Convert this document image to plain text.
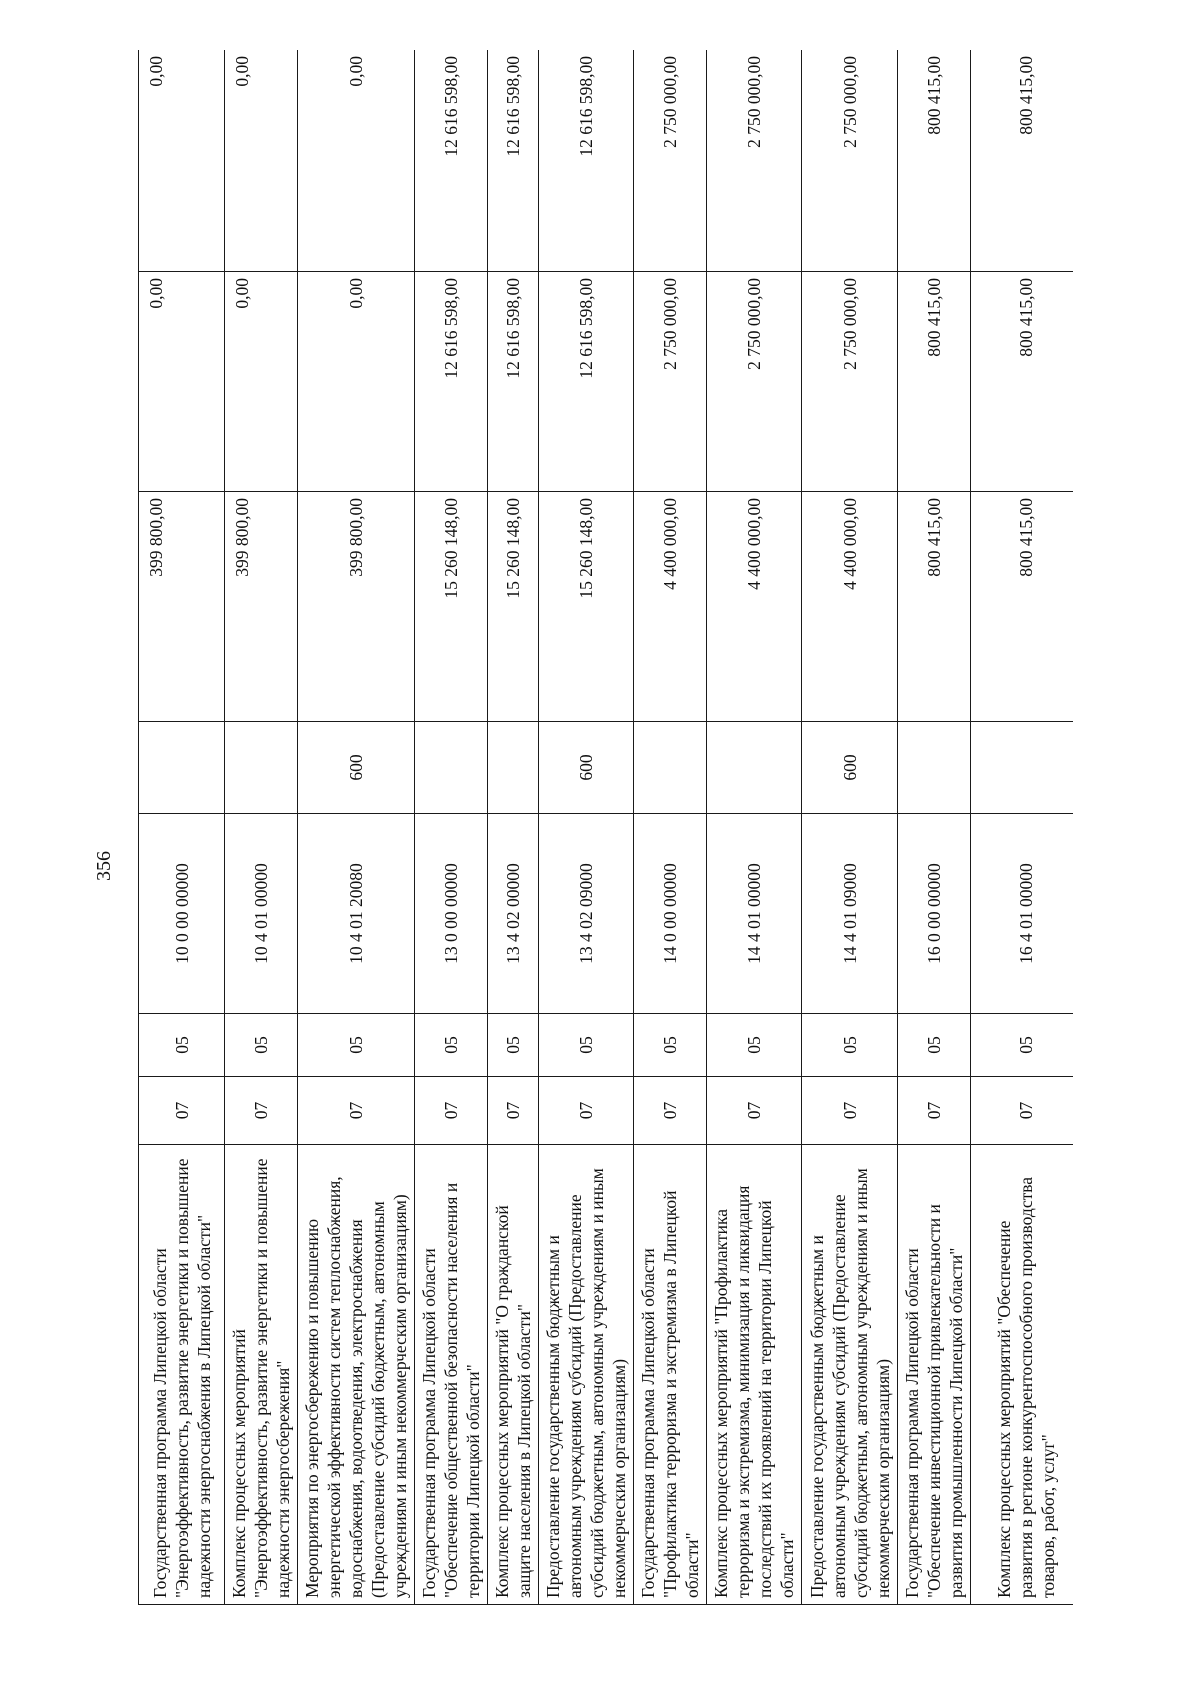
356
Государственная программа Липецкой области "Энергоэффективность, развитие энергетики и повышение надежности энергоснабжения в Липецкой области"	07	05	10 0 00 00000		399 800,00	0,00	0,00
Комплекс процессных мероприятий "Энергоэффективность, развитие энергетики и повышение надежности энергосбережения"	07	05	10 4 01 00000		399 800,00	0,00	0,00
Мероприятия по энергосбережению и повышению энергетической эффективности систем теплоснабжения, водоснабжения, водоотведения, электроснабжения (Предоставление субсидий бюджетным, автономным учреждениям и иным некоммерческим организациям)	07	05	10 4 01 20080	600	399 800,00	0,00	0,00
Государственная программа Липецкой области "Обеспечение общественной безопасности населения и территории Липецкой области"	07	05	13 0 00 00000		15 260 148,00	12 616 598,00	12 616 598,00
Комплекс процессных мероприятий "О гражданской защите населения в Липецкой области"	07	05	13 4 02 00000		15 260 148,00	12 616 598,00	12 616 598,00
Предоставление государственным бюджетным и автономным учреждениям субсидий (Предоставление субсидий бюджетным, автономным учреждениям и иным некоммерческим организациям)	07	05	13 4 02 09000	600	15 260 148,00	12 616 598,00	12 616 598,00
Государственная программа Липецкой области "Профилактика терроризма и экстремизма в Липецкой области"	07	05	14 0 00 00000		4 400 000,00	2 750 000,00	2 750 000,00
Комплекс процессных мероприятий "Профилактика терроризма и экстремизма, минимизация и ликвидация последствий их проявлений на территории Липецкой области"	07	05	14 4 01 00000		4 400 000,00	2 750 000,00	2 750 000,00
Предоставление государственным бюджетным и автономным учреждениям субсидий (Предоставление субсидий бюджетным, автономным учреждениям и иным некоммерческим организациям)	07	05	14 4 01 09000	600	4 400 000,00	2 750 000,00	2 750 000,00
Государственная программа Липецкой области "Обеспечение инвестиционной привлекательности и развития промышленности Липецкой области"	07	05	16 0 00 00000		800 415,00	800 415,00	800 415,00
Комплекс процессных мероприятий "Обеспечение развития в регионе конкурентоспособного производства товаров, работ, услуг"	07	05	16 4 01 00000		800 415,00	800 415,00	800 415,00
